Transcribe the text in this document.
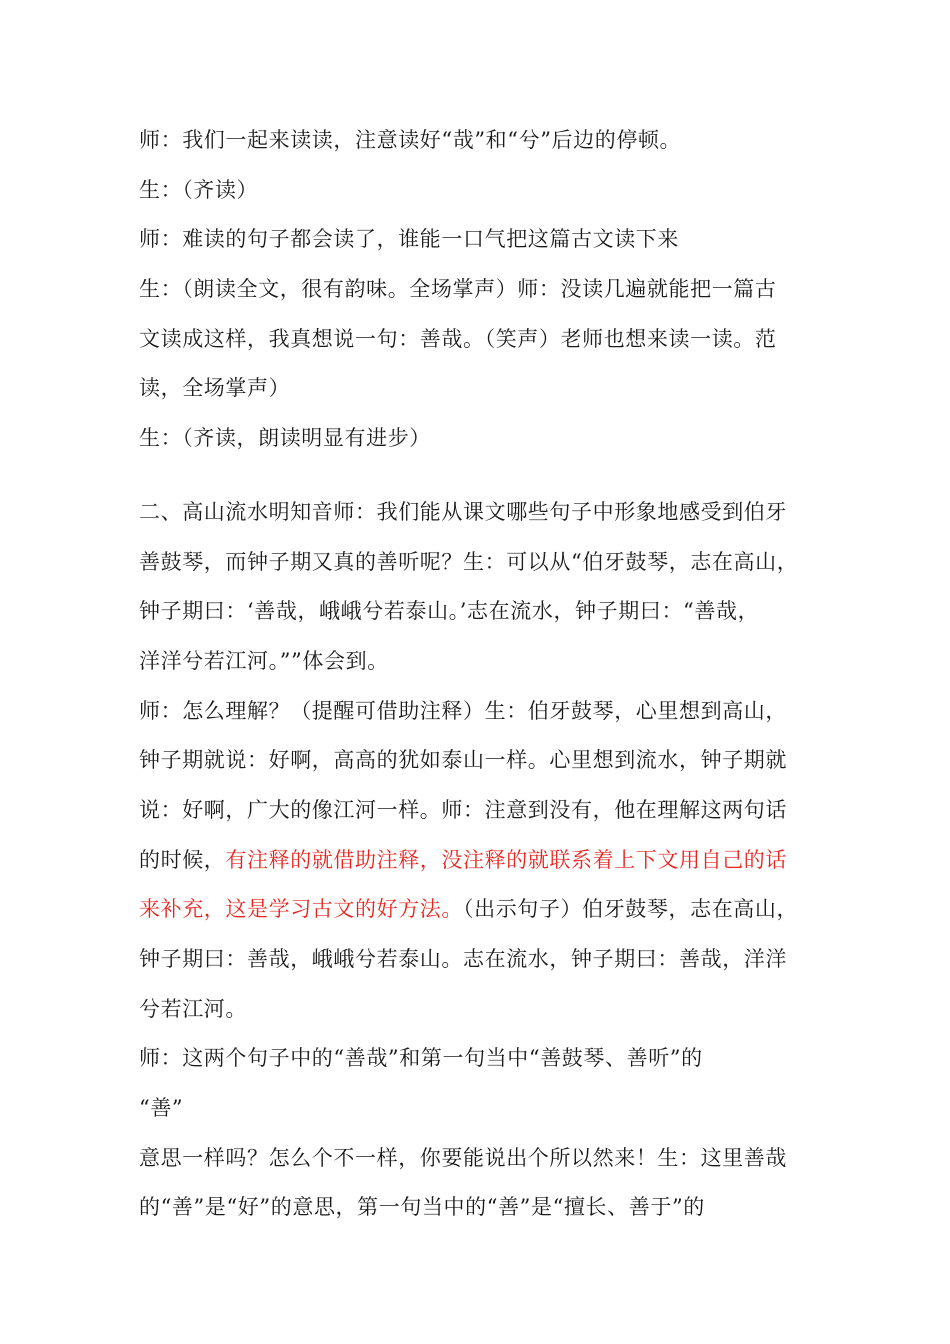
师：我们一起来读读，注意读好“哉”和“兮”后边的停顿。

生：（齐读）

师：难读的句子都会读了，谁能一口气把这篇古文读下来

生：（朗读全文，很有韵味。全场掌声）师：没读几遍就能把一篇古
文读成这样，我真想说一句：善哉。（笑声）老师也想来读一读。范
读，全场掌声）

生：（齐读，朗读明显有进步）

二、高山流水明知音师：我们能从课文哪些句子中形象地感受到伯牙
善鼓琴，而钟子期又真的善听呢？生：可以从“伯牙鼓琴，志在高山，
钟子期曰：‘善哉，峨峨兮若泰山。’志在流水，钟子期曰：“善哉，
洋洋兮若江河。””体会到。

师：怎么理解？（提醒可借助注释）生：伯牙鼓琴，心里想到高山，
钟子期就说：好啊，高高的犹如泰山一样。心里想到流水，钟子期就
说：好啊，广大的像江河一样。师：注意到没有，他在理解这两句话
的时候，有注释的就借助注释，没注释的就联系着上下文用自己的话
来补充，这是学习古文的好方法。（出示句子）伯牙鼓琴，志在高山，
钟子期曰：善哉，峨峨兮若泰山。志在流水，钟子期曰：善哉，洋洋
兮若江河。

师：这两个句子中的“善哉”和第一句当中“善鼓琴、善听”的
“善”
意思一样吗？怎么个不一样，你要能说出个所以然来！生：这里善哉
的“善”是“好”的意思，第一句当中的“善”是“擅长、善于”的
